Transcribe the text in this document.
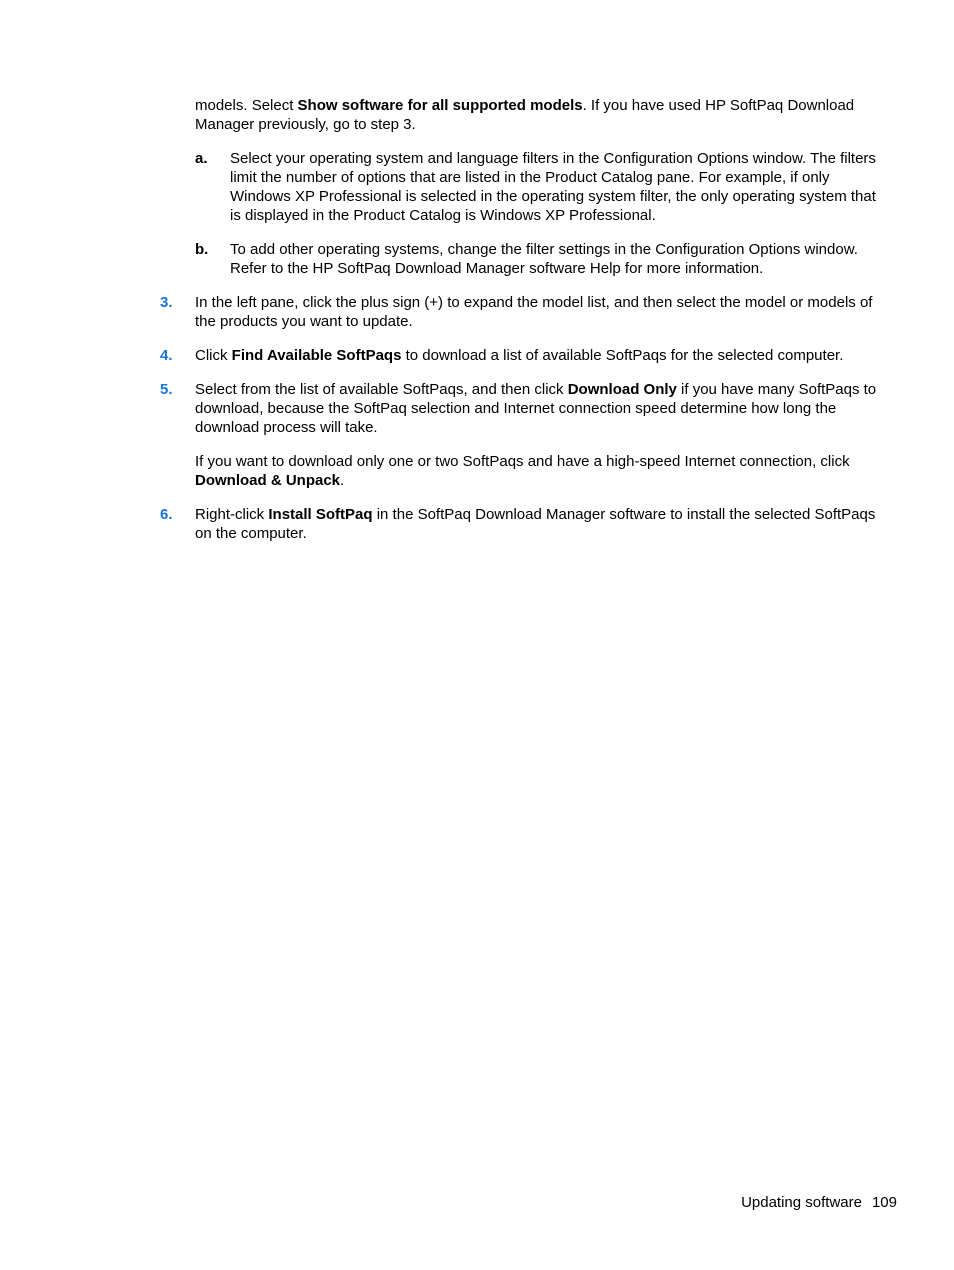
models. Select Show software for all supported models. If you have used HP SoftPaq Download Manager previously, go to step 3.

a. Select your operating system and language filters in the Configuration Options window. The filters limit the number of options that are listed in the Product Catalog pane. For example, if only Windows XP Professional is selected in the operating system filter, the only operating system that is displayed in the Product Catalog is Windows XP Professional.

b. To add other operating systems, change the filter settings in the Configuration Options window. Refer to the HP SoftPaq Download Manager software Help for more information.

3. In the left pane, click the plus sign (+) to expand the model list, and then select the model or models of the products you want to update.

4. Click Find Available SoftPaqs to download a list of available SoftPaqs for the selected computer.

5. Select from the list of available SoftPaqs, and then click Download Only if you have many SoftPaqs to download, because the SoftPaq selection and Internet connection speed determine how long the download process will take.

If you want to download only one or two SoftPaqs and have a high-speed Internet connection, click Download & Unpack.

6. Right-click Install SoftPaq in the SoftPaq Download Manager software to install the selected SoftPaqs on the computer.

Updating software 109
